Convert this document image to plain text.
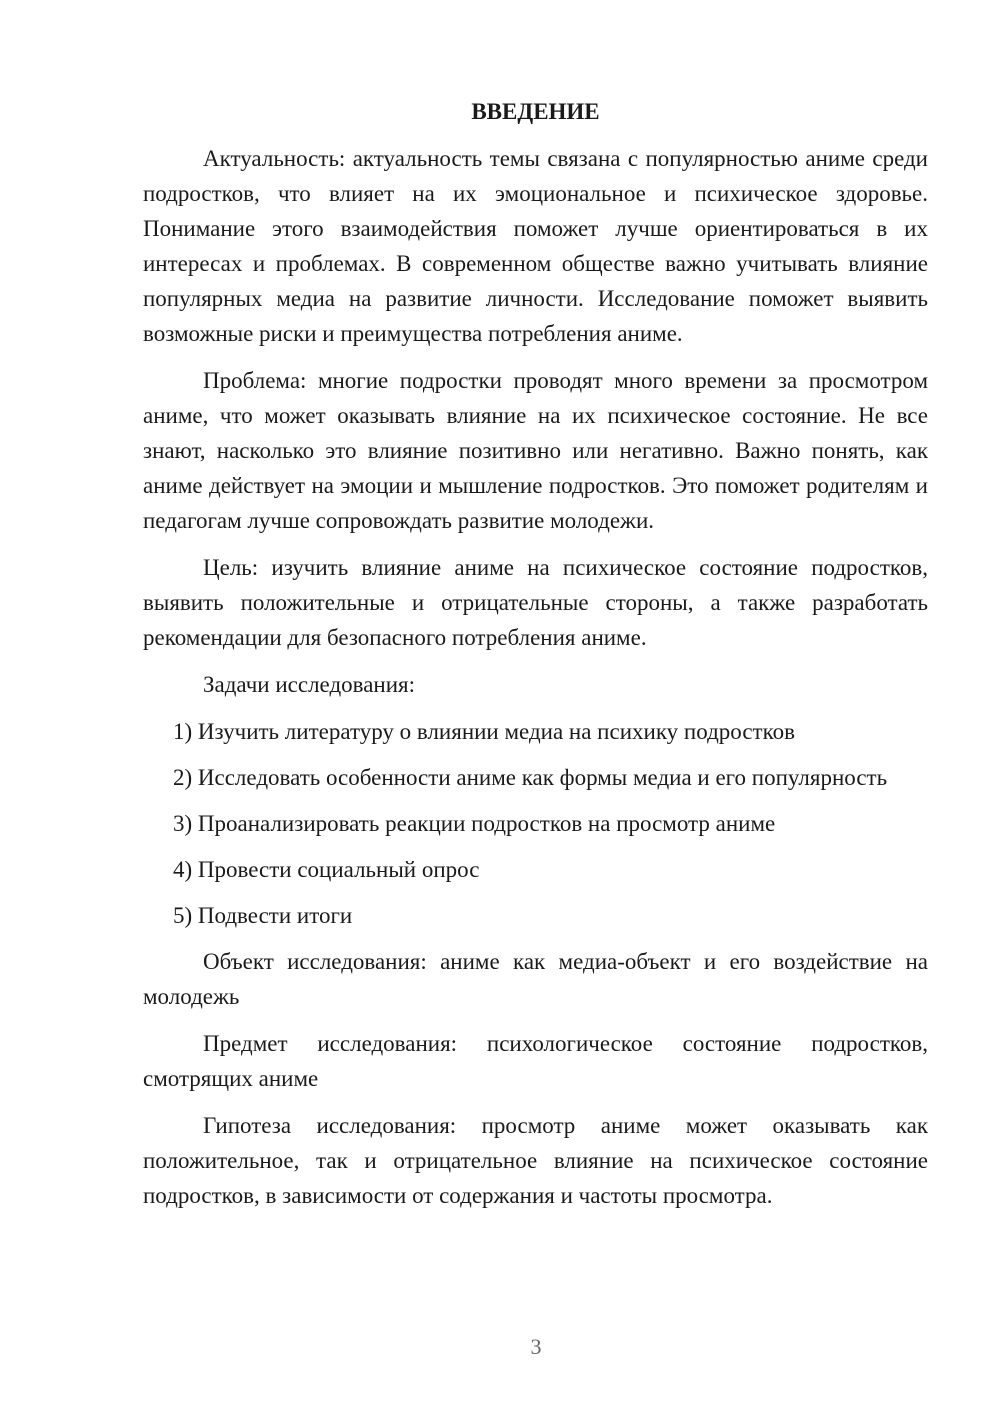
ВВЕДЕНИЕ

Актуальность: актуальность темы связана с популярностью аниме среди подростков, что влияет на их эмоциональное и психическое здоровье. Понимание этого взаимодействия поможет лучше ориентироваться в их интересах и проблемах. В современном обществе важно учитывать влияние популярных медиа на развитие личности. Исследование поможет выявить возможные риски и преимущества потребления аниме.

Проблема: многие подростки проводят много времени за просмотром аниме, что может оказывать влияние на их психическое состояние. Не все знают, насколько это влияние позитивно или негативно. Важно понять, как аниме действует на эмоции и мышление подростков. Это поможет родителям и педагогам лучше сопровождать развитие молодежи.

Цель: изучить влияние аниме на психическое состояние подростков, выявить положительные и отрицательные стороны, а также разработать рекомендации для безопасного потребления аниме.

Задачи исследования:

1) Изучить литературу о влиянии медиа на психику подростков

2) Исследовать особенности аниме как формы медиа и его популярность

3) Проанализировать реакции подростков на просмотр аниме

4) Провести социальный опрос

5) Подвести итоги

Объект исследования: аниме как медиа-объект и его воздействие на молодежь

Предмет исследования: психологическое состояние подростков, смотрящих аниме

Гипотеза исследования: просмотр аниме может оказывать как положительное, так и отрицательное влияние на психическое состояние подростков, в зависимости от содержания и частоты просмотра.

3
